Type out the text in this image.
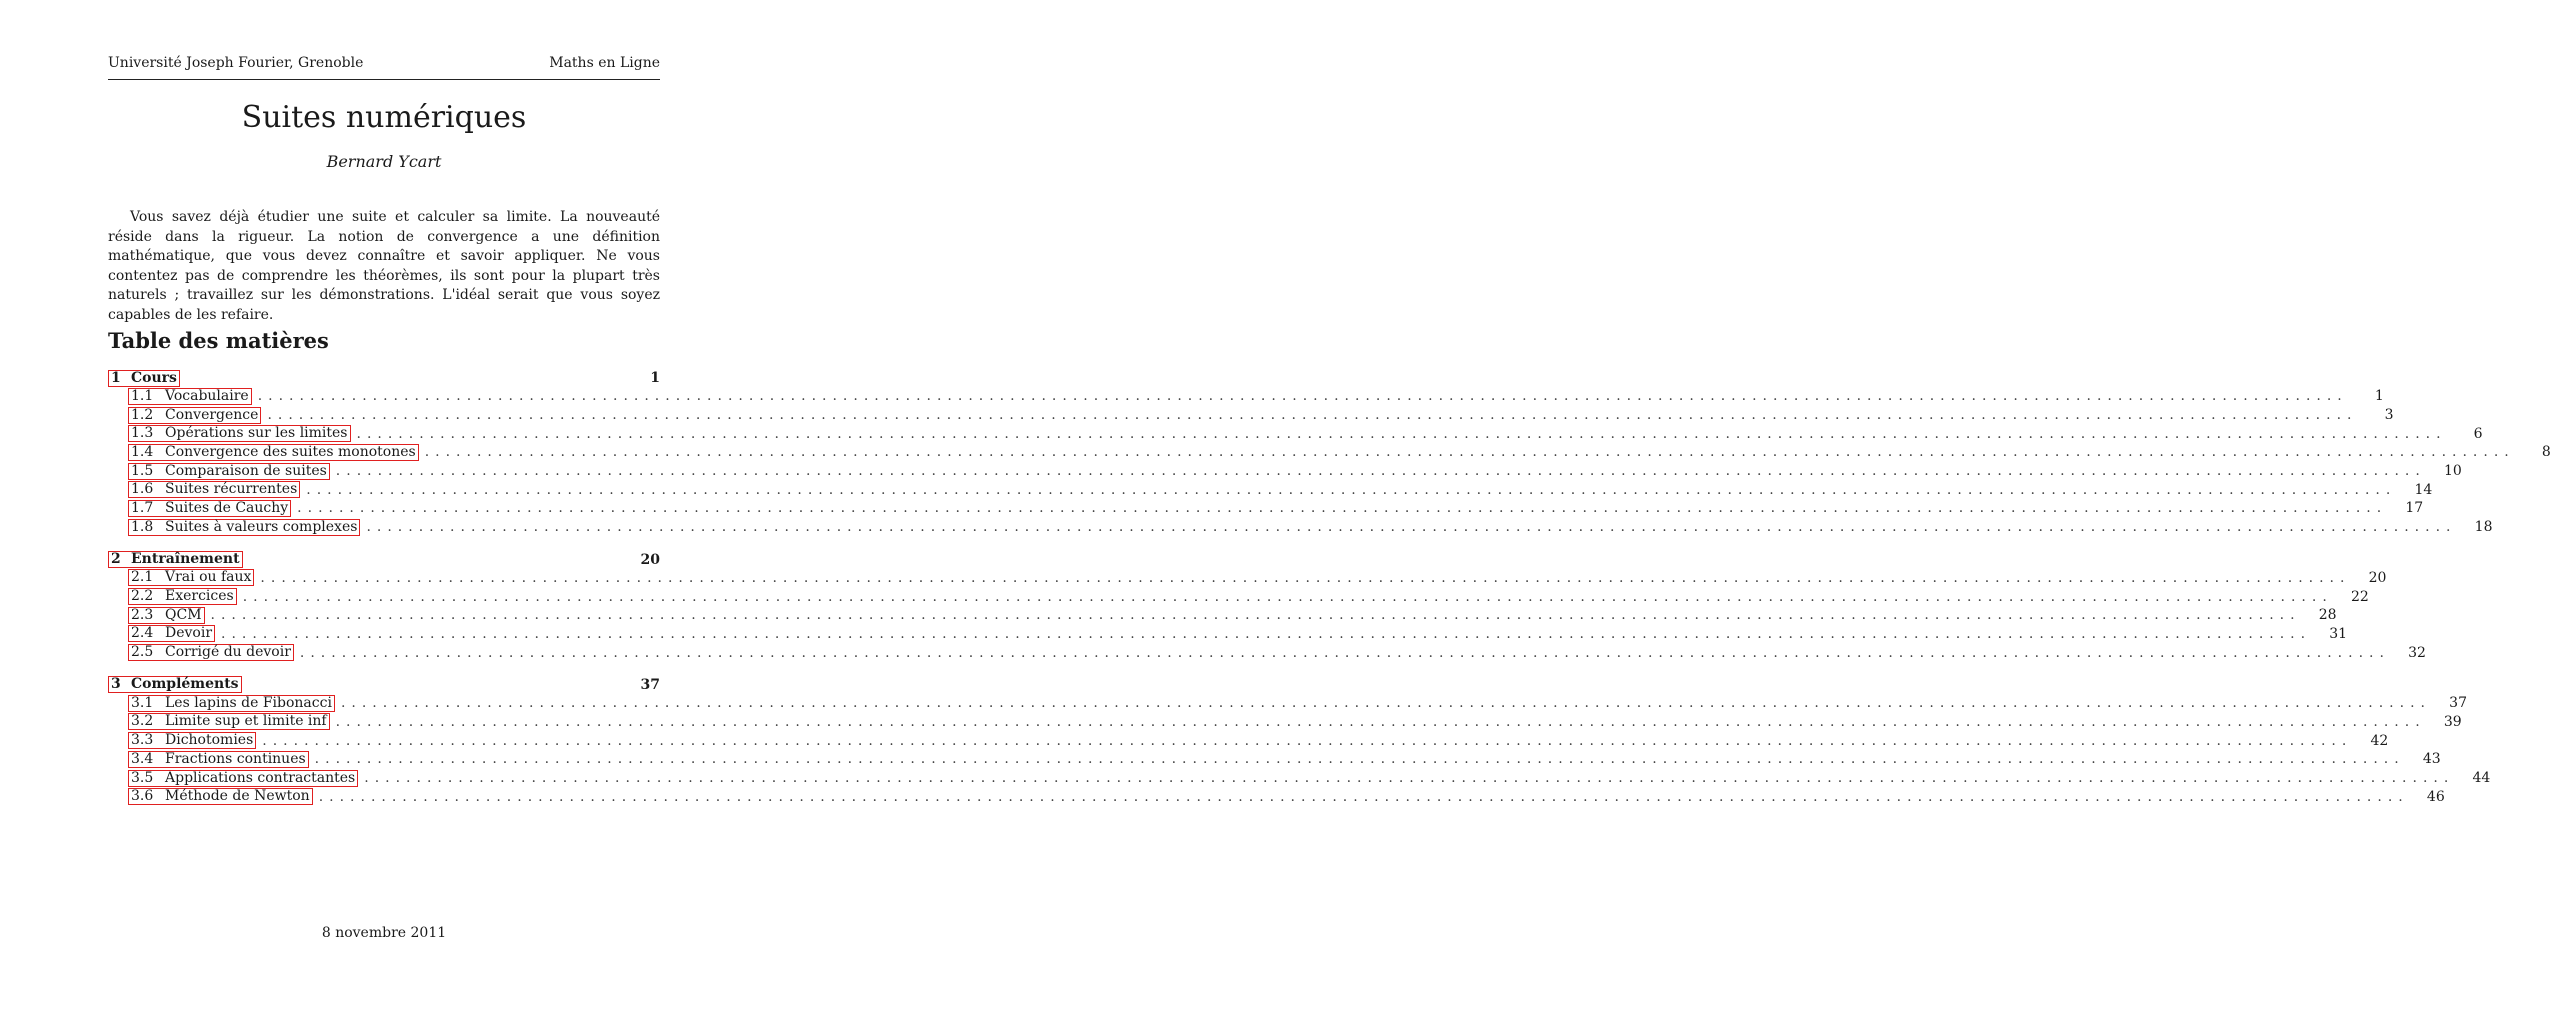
Université Joseph Fourier, Grenoble	Maths en Ligne
Suites numériques
Bernard Ycart

Vous savez déjà étudier une suite et calculer sa limite. La nouveauté réside dans la rigueur. La notion de convergence a une définition mathématique, que vous devez connaître et savoir appliquer. Ne vous contentez pas de comprendre les théorèmes, ils sont pour la plupart très naturels ; travaillez sur les démonstrations. L'idéal serait que vous soyez capables de les refaire.

Table des matières
1 Cours	1
1.1 Vocabulaire ........................................................................................................................................................................................................	1
1.2 Convergence ........................................................................................................................................................................................................	3
1.3 Opérations sur les limites ........................................................................................................................................................................................................	6
1.4 Convergence des suites monotones ........................................................................................................................................................................................................	8
1.5 Comparaison de suites ........................................................................................................................................................................................................	10
1.6 Suites récurrentes ........................................................................................................................................................................................................	14
1.7 Suites de Cauchy ........................................................................................................................................................................................................	17
1.8 Suites à valeurs complexes ........................................................................................................................................................................................................	18
2 Entraînement	20
2.1 Vrai ou faux ........................................................................................................................................................................................................	20
2.2 Exercices ........................................................................................................................................................................................................	22
2.3 QCM ........................................................................................................................................................................................................	28
2.4 Devoir ........................................................................................................................................................................................................	31
2.5 Corrigé du devoir ........................................................................................................................................................................................................	32
3 Compléments	37
3.1 Les lapins de Fibonacci ........................................................................................................................................................................................................	37
3.2 Limite sup et limite inf ........................................................................................................................................................................................................	39
3.3 Dichotomies ........................................................................................................................................................................................................	42
3.4 Fractions continues ........................................................................................................................................................................................................	43
3.5 Applications contractantes ........................................................................................................................................................................................................	44
3.6 Méthode de Newton ........................................................................................................................................................................................................	46
8 novembre 2011
